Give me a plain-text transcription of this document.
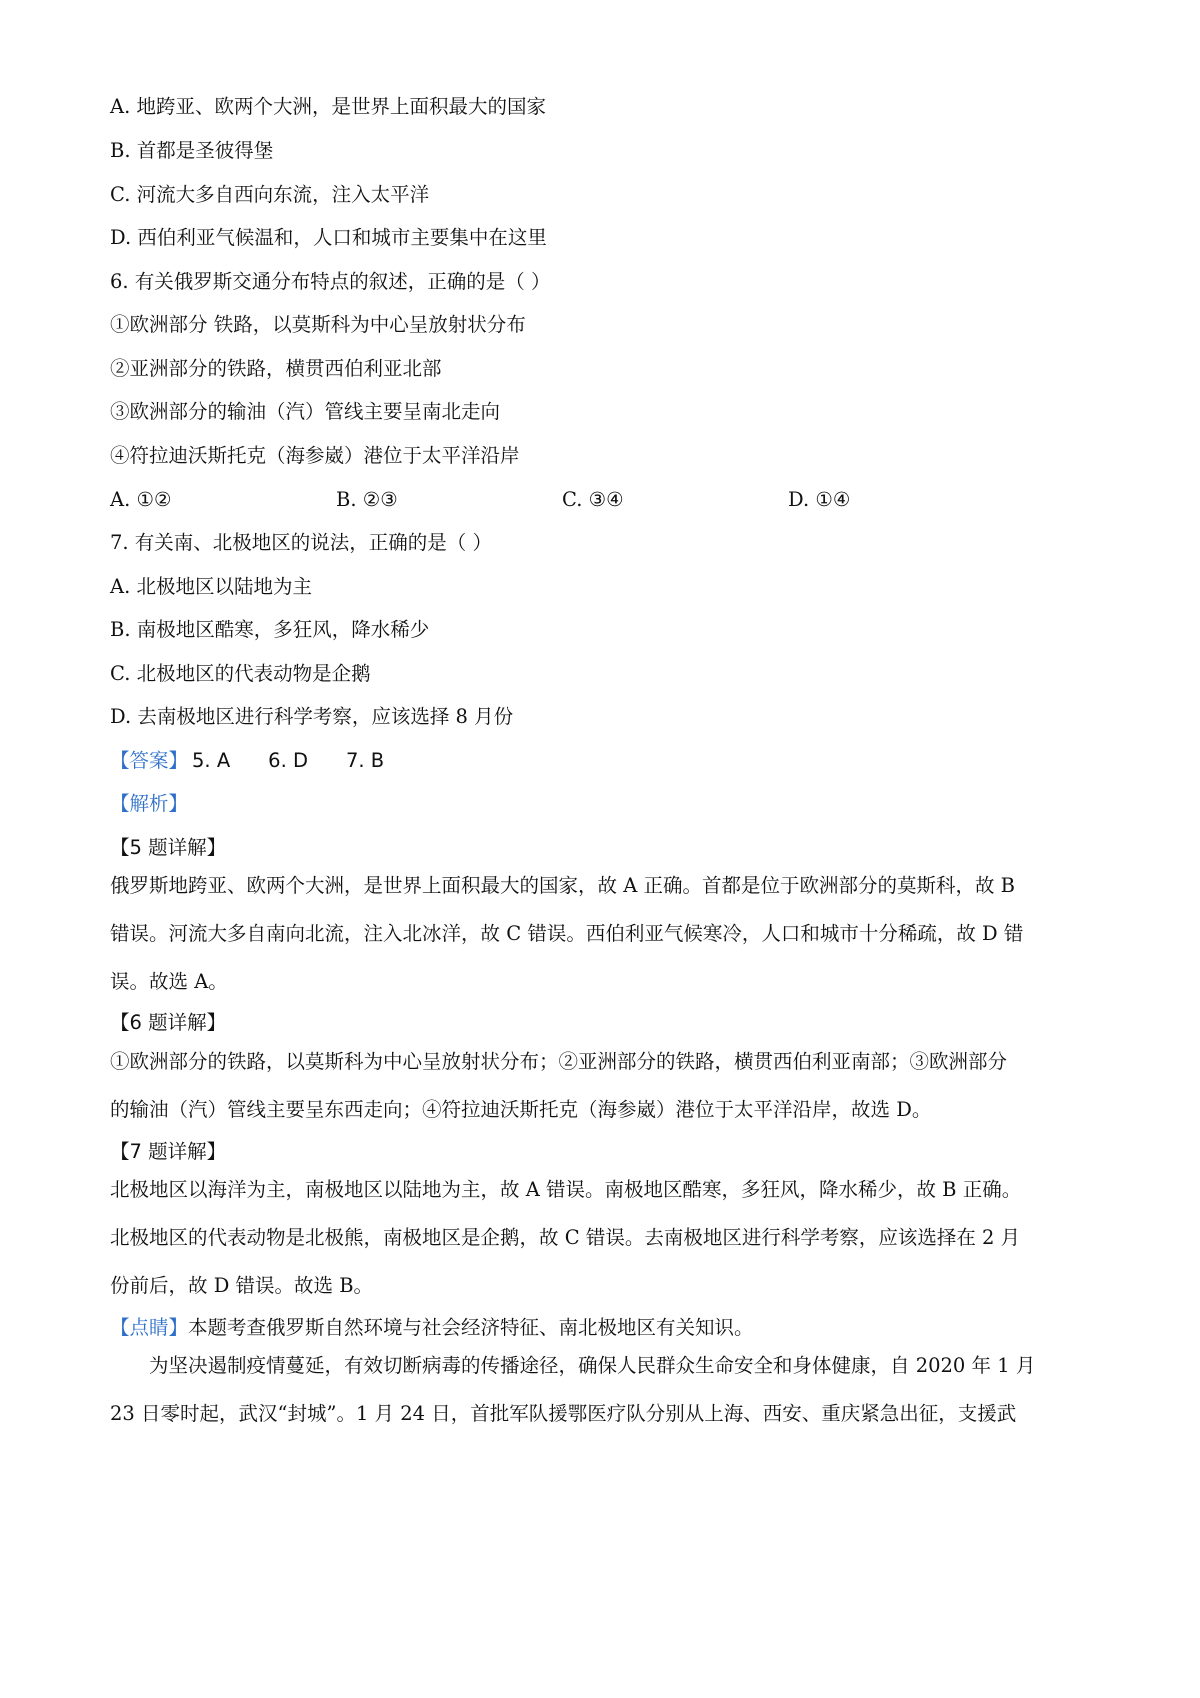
A. 地跨亚、欧两个大洲，是世界上面积最大的国家
B. 首都是圣彼得堡
C. 河流大多自西向东流，注入太平洋
D. 西伯利亚气候温和，人口和城市主要集中在这里
6. 有关俄罗斯交通分布特点的叙述，正确的是（ ）
①欧洲部分 铁路，以莫斯科为中心呈放射状分布
②亚洲部分的铁路，横贯西伯利亚北部
③欧洲部分的输油（汽）管线主要呈南北走向
④符拉迪沃斯托克（海参崴）港位于太平洋沿岸
A. ①②	B. ②③	C. ③④	D. ①④
7. 有关南、北极地区的说法，正确的是（ ）
A. 北极地区以陆地为主
B. 南极地区酷寒，多狂风，降水稀少
C. 北极地区的代表动物是企鹅
D. 去南极地区进行科学考察，应该选择 8 月份
【答案】 5. A 6. D 7. B
【解析】
【5 题详解】
俄罗斯地跨亚、欧两个大洲，是世界上面积最大的国家，故 A 正确。首都是位于欧洲部分的莫斯科，故 B
错误。河流大多自南向北流，注入北冰洋，故 C 错误。西伯利亚气候寒冷，人口和城市十分稀疏，故 D 错
误。故选 A。
【6 题详解】
①欧洲部分的铁路，以莫斯科为中心呈放射状分布；②亚洲部分的铁路，横贯西伯利亚南部；③欧洲部分
的输油（汽）管线主要呈东西走向；④符拉迪沃斯托克（海参崴）港位于太平洋沿岸，故选 D。
【7 题详解】
北极地区以海洋为主，南极地区以陆地为主，故 A 错误。南极地区酷寒，多狂风，降水稀少，故 B 正确。
北极地区的代表动物是北极熊，南极地区是企鹅，故 C 错误。去南极地区进行科学考察，应该选择在 2 月
份前后，故 D 错误。故选 B。
【点睛】本题考查俄罗斯自然环境与社会经济特征、南北极地区有关知识。
为坚决遏制疫情蔓延，有效切断病毒的传播途径，确保人民群众生命安全和身体健康，自 2020 年 1 月
23 日零时起，武汉“封城”。1 月 24 日，首批军队援鄂医疗队分别从上海、西安、重庆紧急出征，支援武
